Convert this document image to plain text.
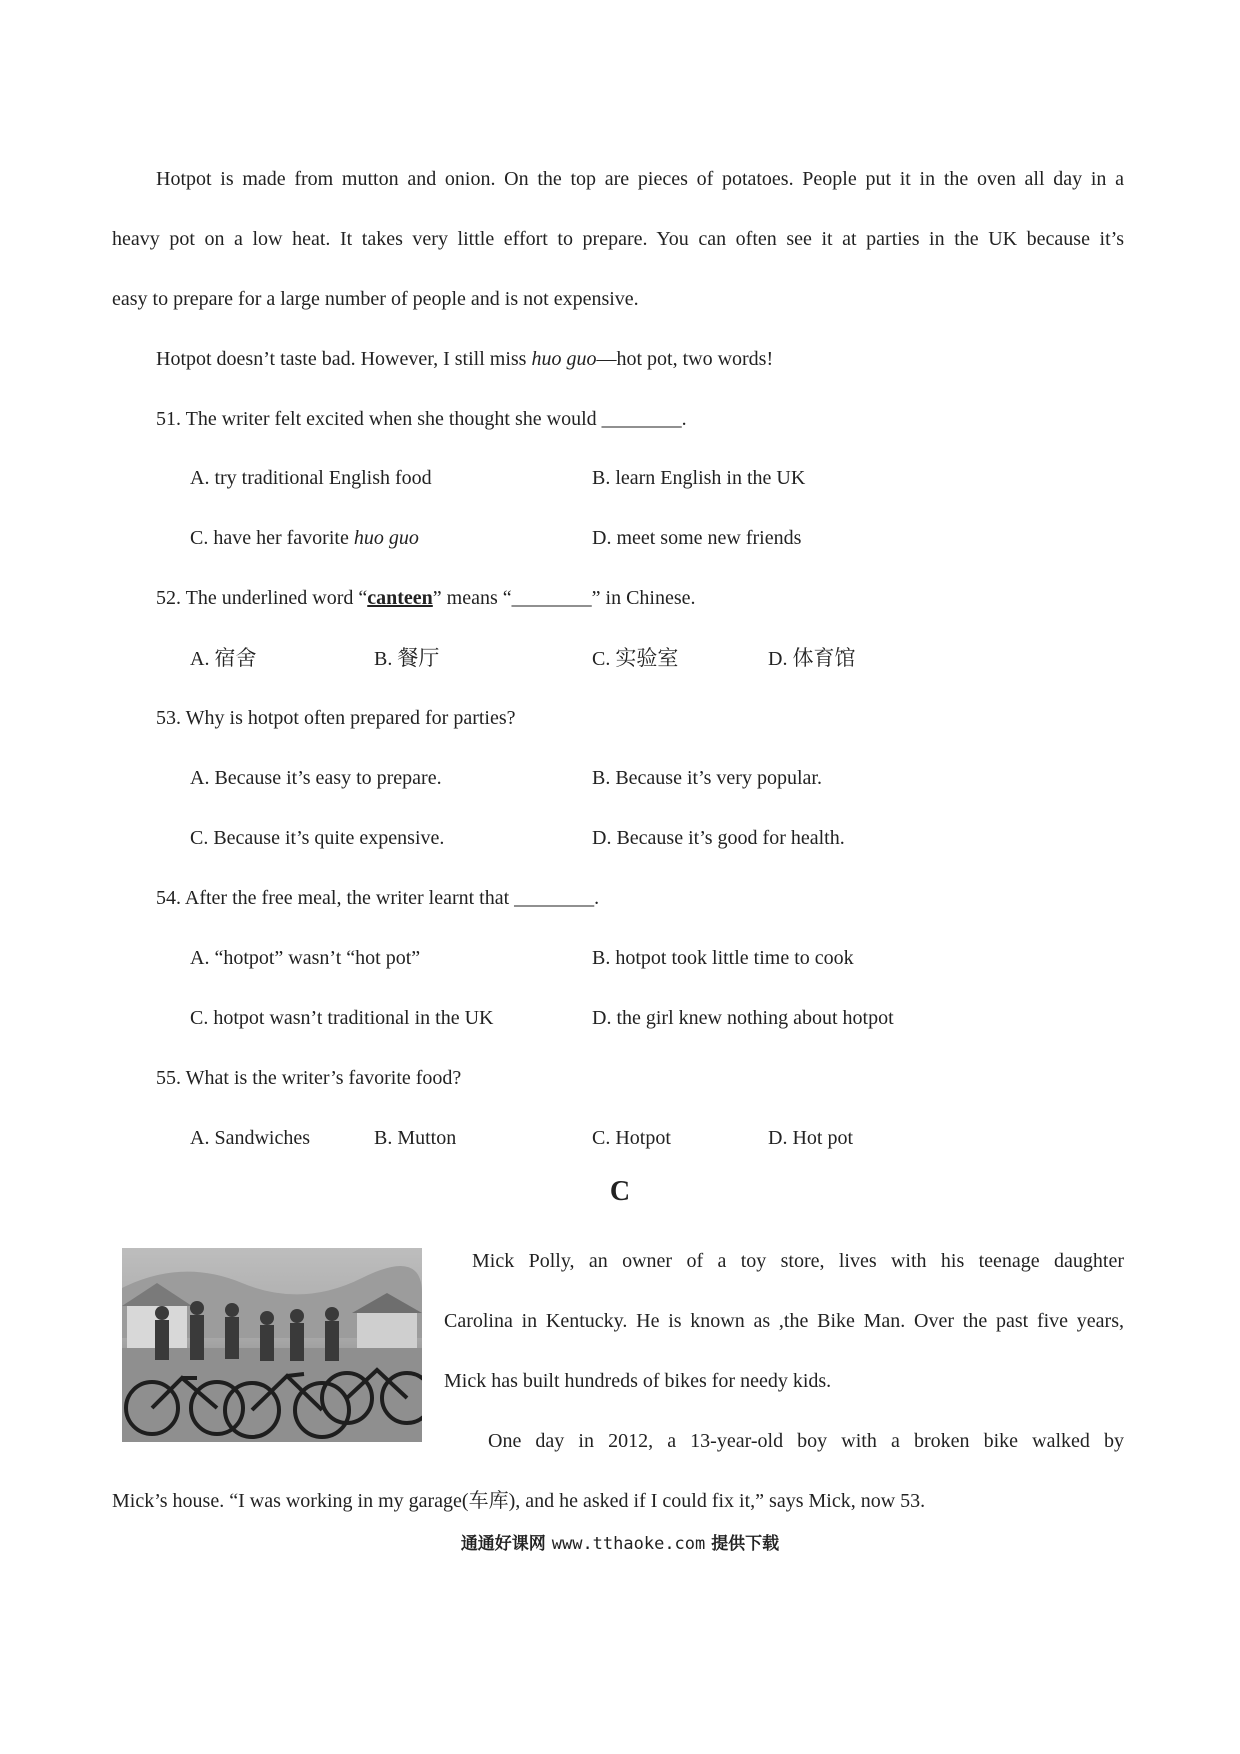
Hotpot is made from mutton and onion. On the top are pieces of potatoes. People put it in the oven all day in a
heavy pot on a low heat. It takes very little effort to prepare. You can often see it at parties in the UK because it’s
easy to prepare for a large number of people and is not expensive.
Hotpot doesn’t taste bad. However, I still miss huo guo—hot pot, two words!
51. The writer felt excited when she thought she would ________.
A. try traditional English food	B. learn English in the UK
C. have her favorite huo guo	D. meet some new friends
52. The underlined word “canteen” means “________” in Chinese.
A. 宿舍	B. 餐厅	C. 实验室	D. 体育馆
53. Why is hotpot often prepared for parties?
A. Because it’s easy to prepare.	B. Because it’s very popular.
C. Because it’s quite expensive.	D. Because it’s good for health.
54. After the free meal, the writer learnt that ________.
A. “hotpot” wasn’t “hot pot”	B. hotpot took little time to cook
C. hotpot wasn’t traditional in the UK	D. the girl knew nothing about hotpot
55. What is the writer’s favorite food?
A. Sandwiches	B. Mutton	C. Hotpot	D. Hot pot
C
Mick Polly, an owner of a toy store, lives with his teenage daughter
Carolina in Kentucky. He is known as ,the Bike Man. Over the past five years,
Mick has built hundreds of bikes for needy kids.
One day in 2012, a 13-year-old boy with a broken bike walked by
Mick’s house. “I was working in my garage(车库), and he asked if I could fix it,” says Mick, now 53.
通通好课网 www.tthaoke.com 提供下载
